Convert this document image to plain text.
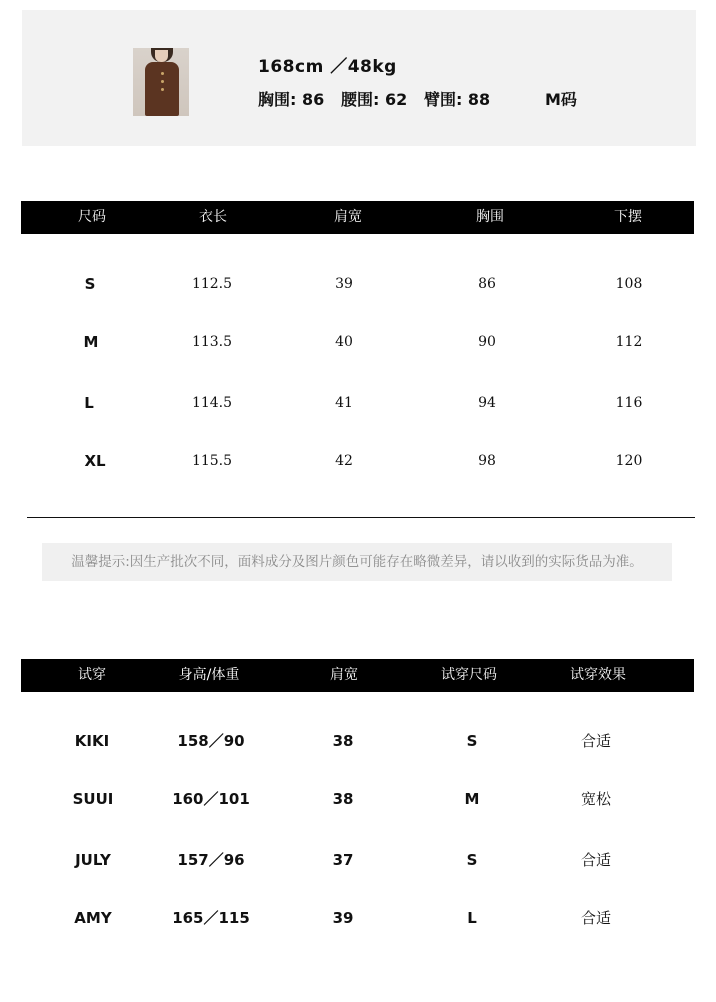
168cm ／48kg
胸围: 86 腰围: 62 臂围: 88	M码
尺码	衣长	肩宽	胸围	下摆
S	112.5	39	86	108
M	113.5	40	90	112
L	114.5	41	94	116
XL	115.5	42	98	120
温馨提示:因生产批次不同，面料成分及图片颜色可能存在略微差异，请以收到的实际货品为准。
试穿	身高/体重	肩宽	试穿尺码	试穿效果
KIKI	158／90	38	S	合适
SUUI	160／101	38	M	宽松
JULY	157／96	37	S	合适
AMY	165／115	39	L	合适
